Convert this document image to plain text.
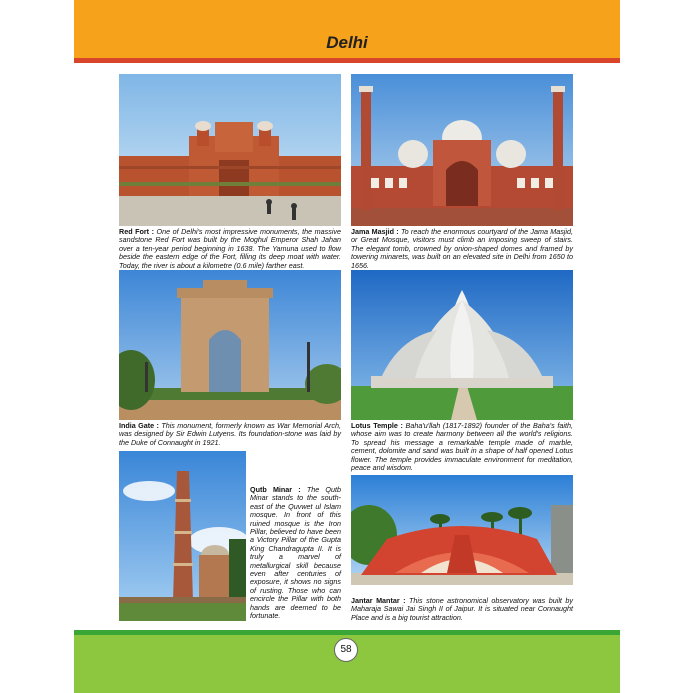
Delhi
Red Fort : One of Delhi's most impressive monuments, the massive sandstone Red Fort was built by the Moghul Emperor Shah Jahan over a ten-year period beginning in 1638. The Yamuna used to flow beside the eastern edge of the Fort, filling its deep moat with water. Today, the river is about a kilometre (0.6 mile) farther east.
Jama Masjid : To reach the enormous courtyard of the Jama Masjid, or Great Mosque, visitors must climb an imposing sweep of stairs. The elegant tomb, crowned by onion-shaped domes and framed by towering minarets, was built on an elevated site in Delhi from 1650 to 1656.
India Gate : This monument, formerly known as War Memorial Arch, was designed by Sir Edwin Lutyens. Its foundation-stone was laid by the Duke of Connaught in 1921.
Lotus Temple : Baha'u'llah (1817-1892) founder of the Baha's faith, whose aim was to create harmony between all the world's religions. To spread his message a remarkable temple made of marble, cement, dolomite and sand was built in a shape of half opened Lotus flower. The temple provides immaculate environment for meditation, peace and wisdom.
Qutb Minar : The Qutb Minar stands to the south-east of the Quvwet ul Islam mosque. In front of this ruined mosque is the Iron Pillar, believed to have been a Victory Pillar of the Gupta King Chandragupta II. It is truly a marvel of metallurgical skill because even after centuries of exposure, it shows no signs of rusting. Those who can encircle the Pillar with both hands are deemed to be fortunate.
Jantar Mantar : This stone astronomical observatory was built by Maharaja Sawai Jai Singh II of Jaipur. It is situated near Connaught Place and is a big tourist attraction.
58
